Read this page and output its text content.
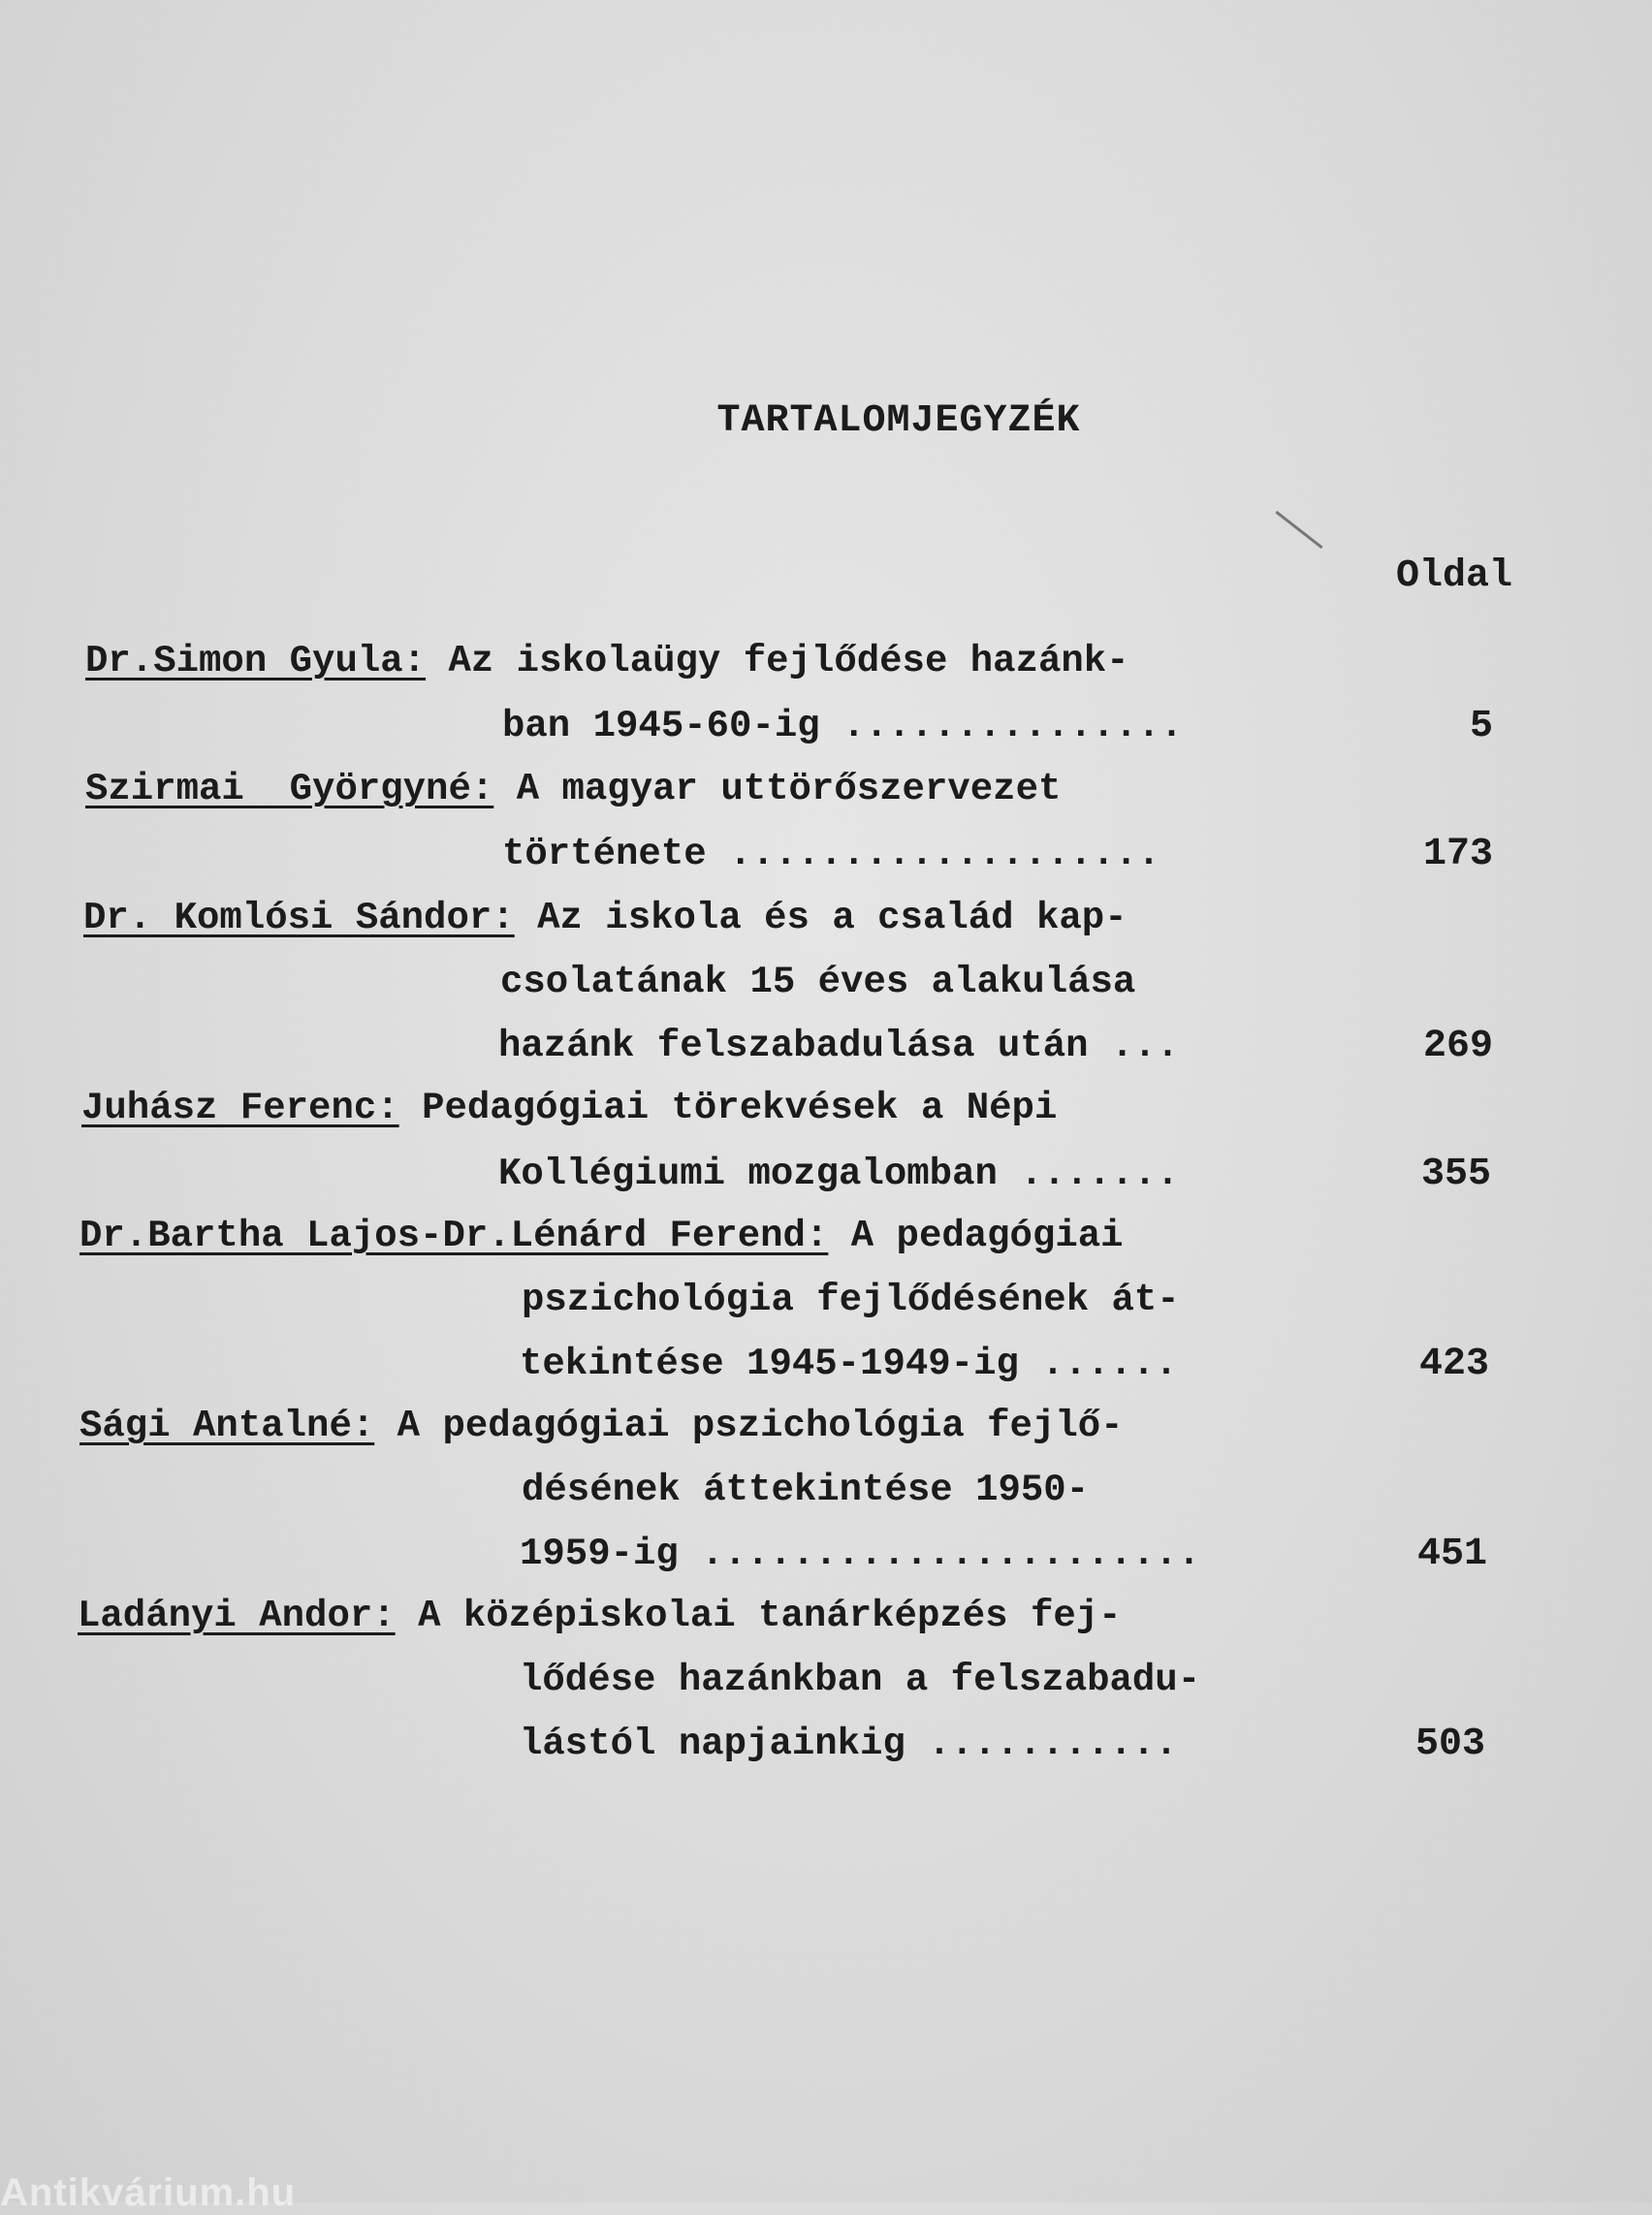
TARTALOMJEGYZÉK
Oldal
Dr.Simon Gyula: Az iskolaügy fejlődése hazánk-
ban 1945-60-ig ...............	5
Szirmai  Györgyné: A magyar uttörőszervezet
története ...................	173
Dr. Komlósi Sándor: Az iskola és a család kap-
csolatának 15 éves alakulása
hazánk felszabadulása után ...	269
Juhász Ferenc: Pedagógiai törekvések a Népi
Kollégiumi mozgalomban .......	355
Dr.Bartha Lajos-Dr.Lénárd Ferend: A pedagógiai
pszichológia fejlődésének át-
tekintése 1945-1949-ig ......	423
Sági Antalné: A pedagógiai pszichológia fejlő-
désének áttekintése 1950-
1959-ig ......................	451
Ladányi Andor: A középiskolai tanárképzés fej-
lődése hazánkban a felszabadu-
lástól napjainkig ...........	503
Antikvárium.hu
